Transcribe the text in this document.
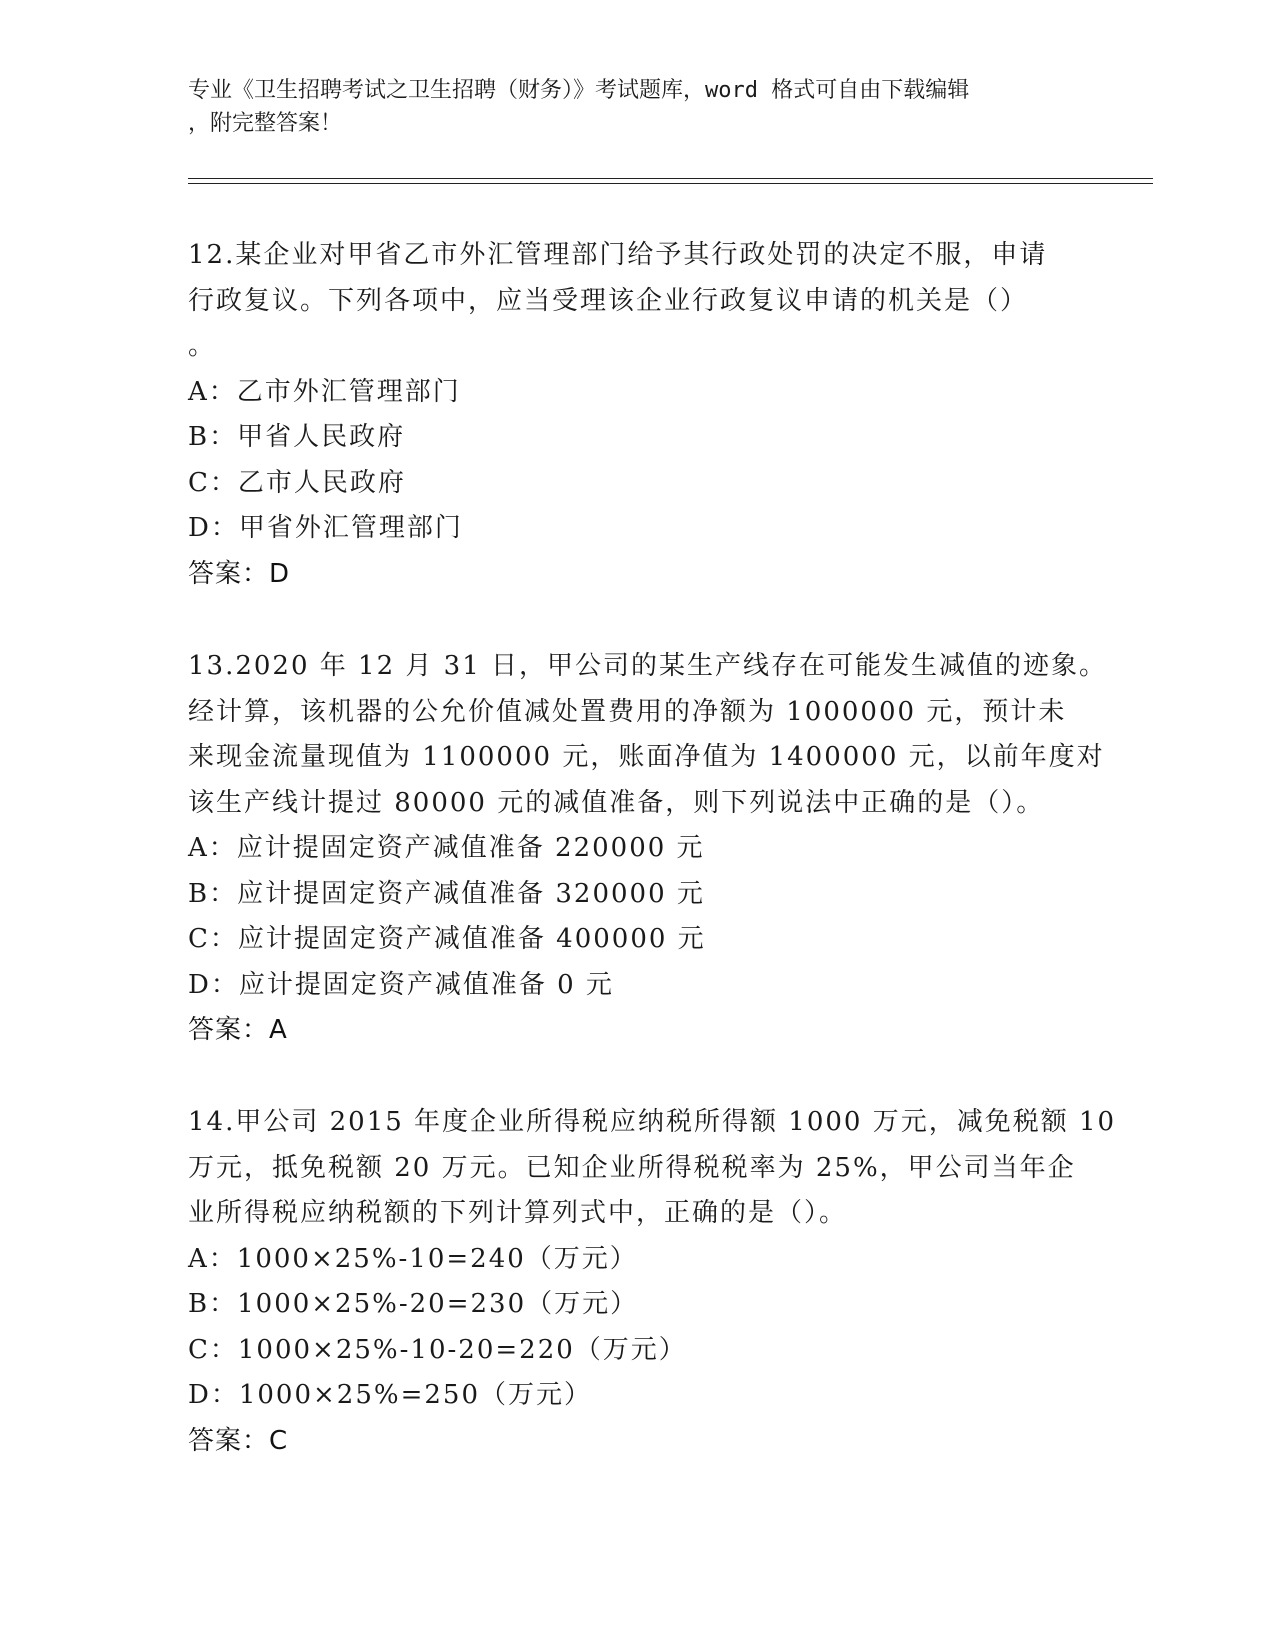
专业《卫生招聘考试之卫生招聘（财务）》考试题库，word 格式可自由下载编辑
，附完整答案！
12.某企业对甲省乙市外汇管理部门给予其行政处罚的决定不服，申请
行政复议。下列各项中，应当受理该企业行政复议申请的机关是（）
。
A：乙市外汇管理部门
B：甲省人民政府
C：乙市人民政府
D：甲省外汇管理部门
答案：D
13.2020 年 12 月 31 日，甲公司的某生产线存在可能发生减值的迹象。
经计算，该机器的公允价值减处置费用的净额为 1000000 元，预计未
来现金流量现值为 1100000 元，账面净值为 1400000 元，以前年度对
该生产线计提过 80000 元的减值准备，则下列说法中正确的是（）。
A：应计提固定资产减值准备 220000 元
B：应计提固定资产减值准备 320000 元
C：应计提固定资产减值准备 400000 元
D：应计提固定资产减值准备 0 元
答案：A
14.甲公司 2015 年度企业所得税应纳税所得额 1000 万元，减免税额 10
万元，抵免税额 20 万元。已知企业所得税税率为 25%，甲公司当年企
业所得税应纳税额的下列计算列式中，正确的是（）。
A：1000×25%-10=240（万元）
B：1000×25%-20=230（万元）
C：1000×25%-10-20=220（万元）
D：1000×25%=250（万元）
答案：C
